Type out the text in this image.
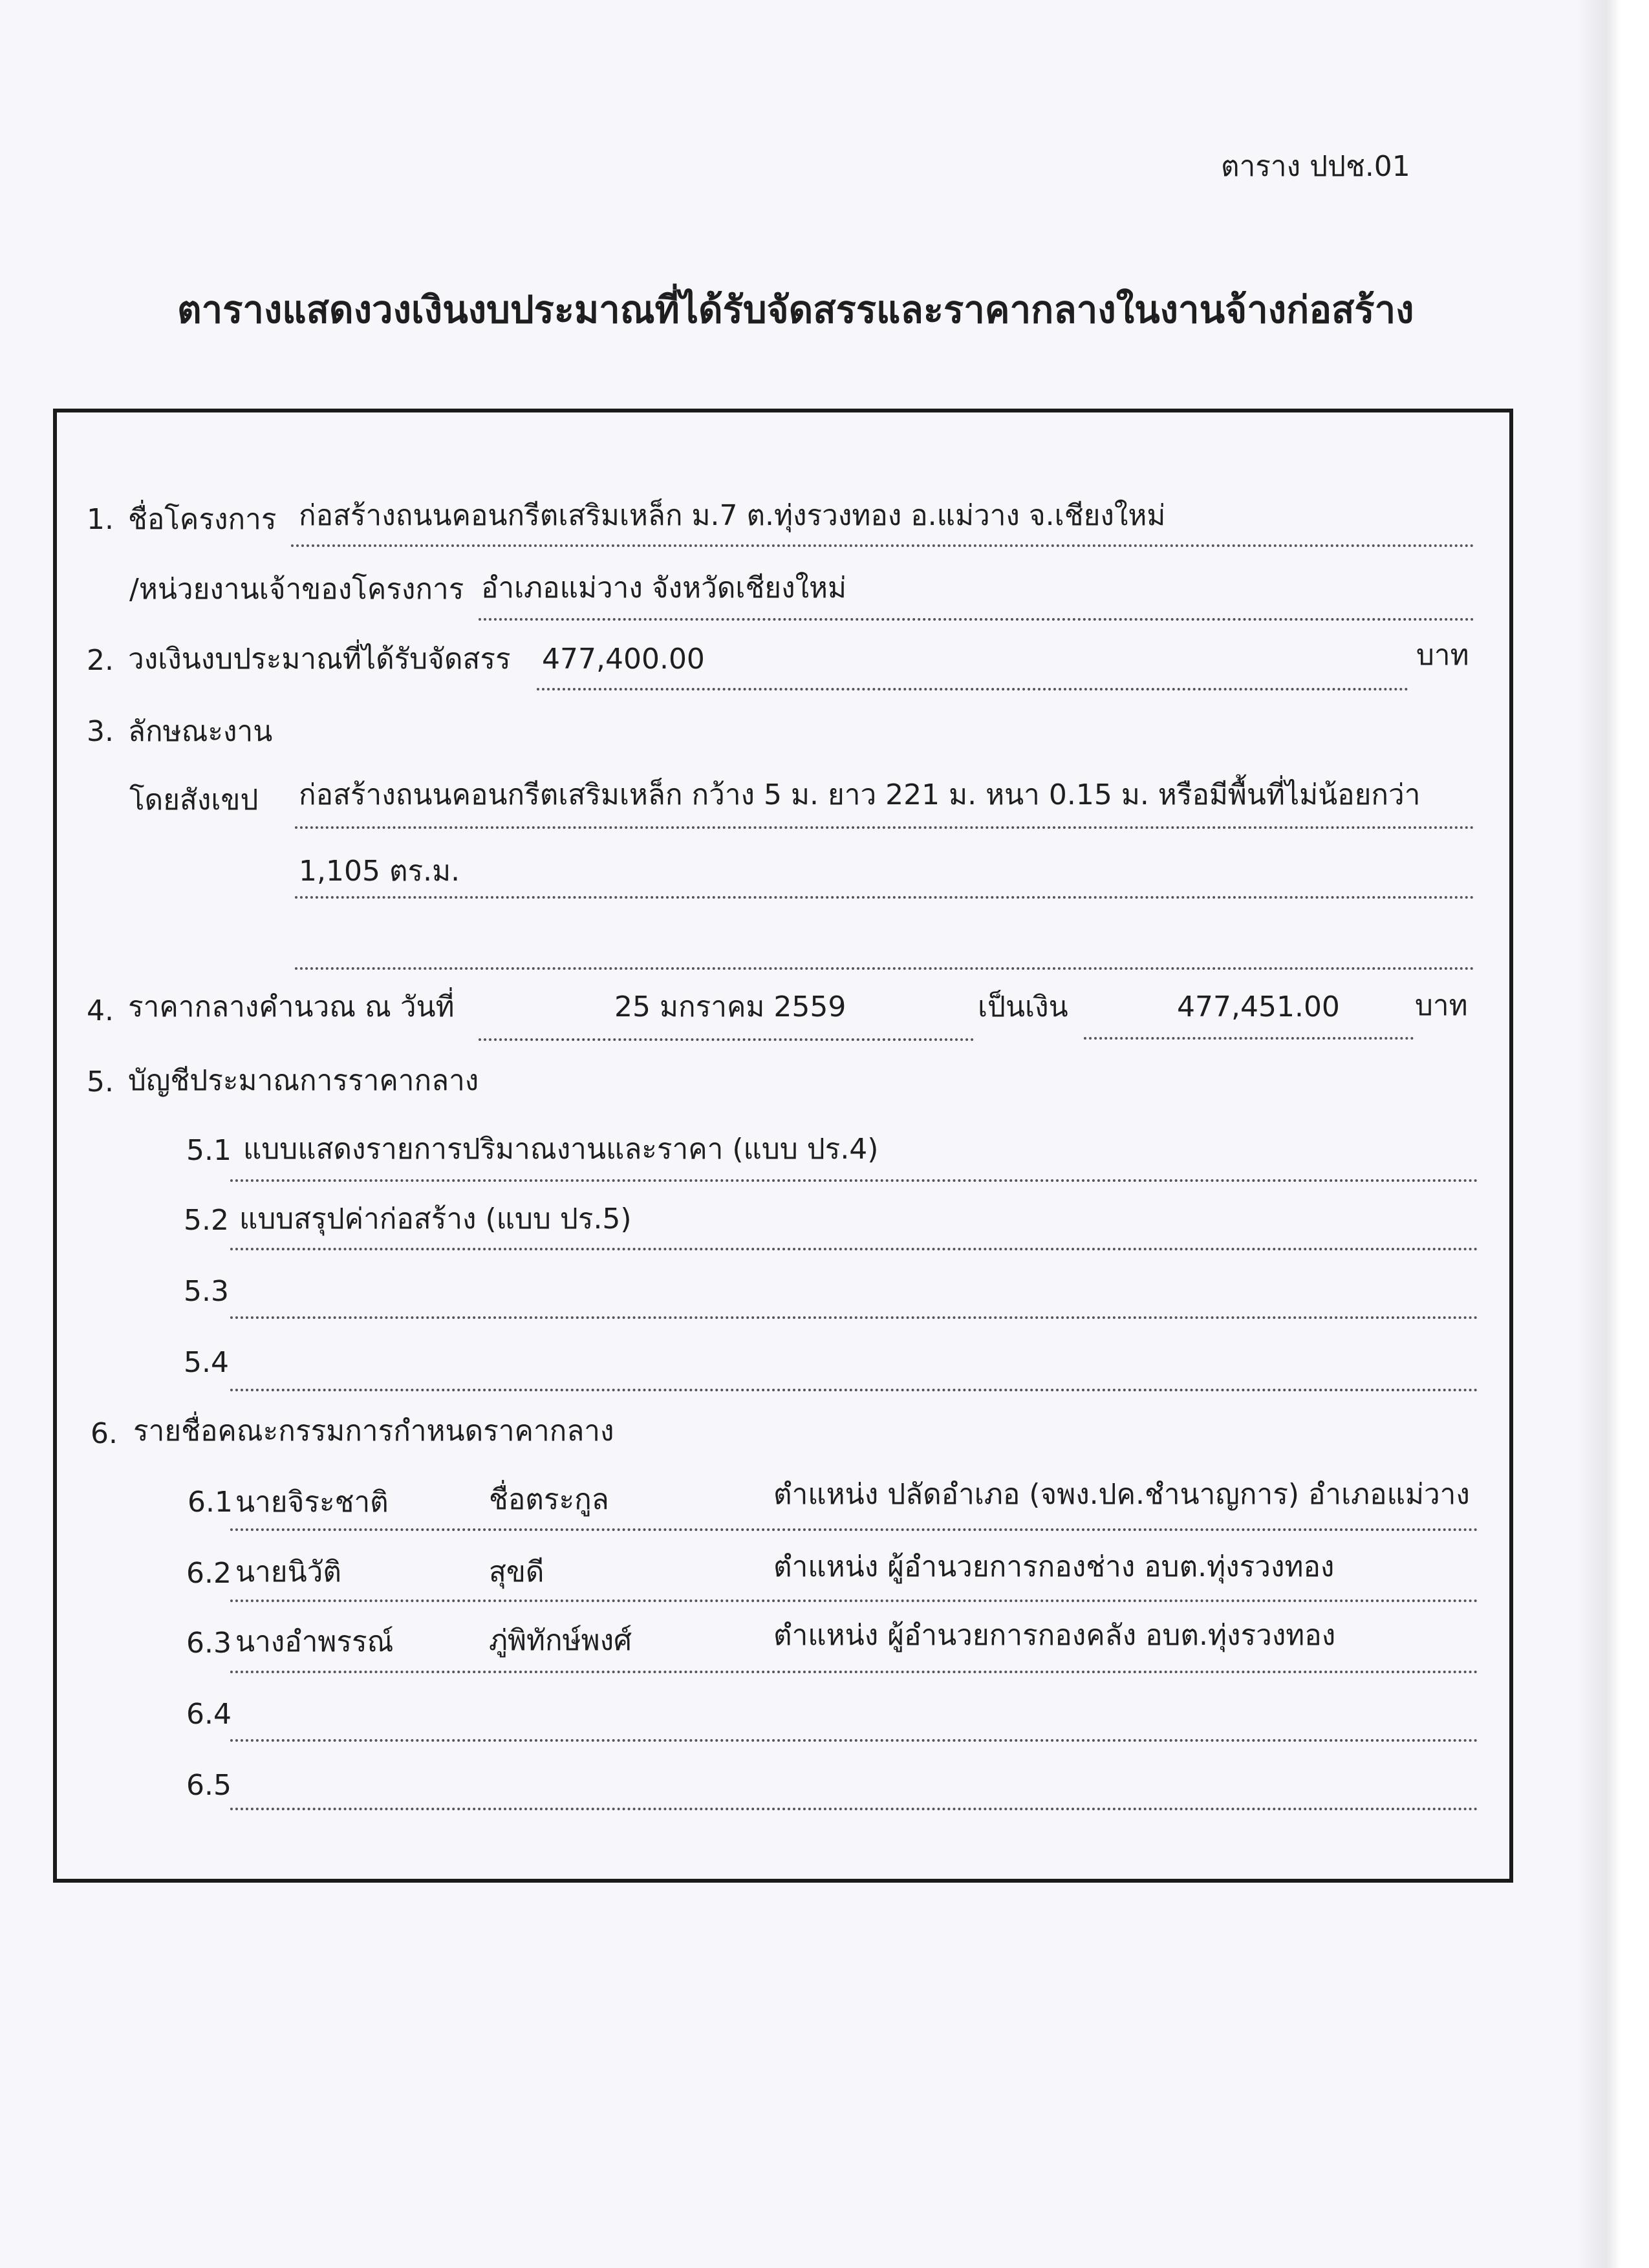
ตาราง ปปช.01
ตารางแสดงวงเงินงบประมาณที่ได้รับจัดสรรและราคากลางในงานจ้างก่อสร้าง
1. ชื่อโครงการ ก่อสร้างถนนคอนกรีตเสริมเหล็ก ม.7 ต.ทุ่งรวงทอง อ.แม่วาง จ.เชียงใหม่
/หน่วยงานเจ้าของโครงการ อำเภอแม่วาง จังหวัดเชียงใหม่
2. วงเงินงบประมาณที่ได้รับจัดสรร 477,400.00	บาท
3. ลักษณะงาน
โดยสังเขป ก่อสร้างถนนคอนกรีตเสริมเหล็ก กว้าง 5 ม. ยาว 221 ม. หนา 0.15 ม. หรือมีพื้นที่ไม่น้อยกว่า
1,105 ตร.ม.
4. ราคากลางคำนวณ ณ วันที่	25 มกราคม 2559	เป็นเงิน	477,451.00	บาท
5. บัญชีประมาณการราคากลาง
5.1 แบบแสดงรายการปริมาณงานและราคา (แบบ ปร.4)
5.2 แบบสรุปค่าก่อสร้าง (แบบ ปร.5)
5.3
5.4
6. รายชื่อคณะกรรมการกำหนดราคากลาง
6.1 นายจิระชาติ	ชื่อตระกูล	ตำแหน่ง ปลัดอำเภอ (จพง.ปค.ชำนาญการ) อำเภอแม่วาง
6.2 นายนิวัติ	สุขดี	ตำแหน่ง ผู้อำนวยการกองช่าง อบต.ทุ่งรวงทอง
6.3 นางอำพรรณ์	ภู่พิทักษ์พงศ์	ตำแหน่ง ผู้อำนวยการกองคลัง อบต.ทุ่งรวงทอง
6.4
6.5
